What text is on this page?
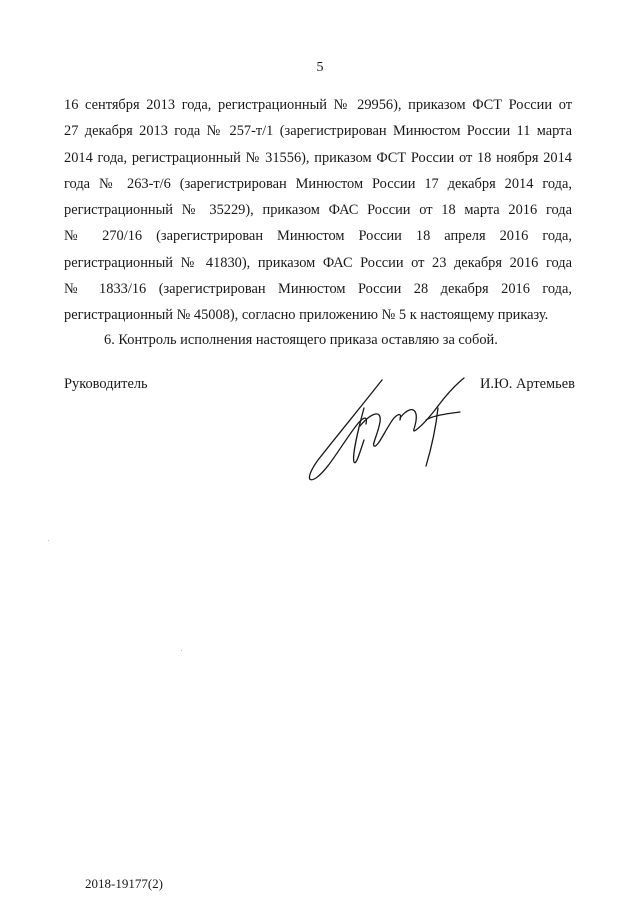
5
16 сентября 2013 года, регистрационный № 29956), приказом ФСТ России от
27 декабря 2013 года № 257-т/1 (зарегистрирован Минюстом России 11 марта
2014 года, регистрационный № 31556), приказом ФСТ России от 18 ноября 2014
года № 263-т/6 (зарегистрирован Минюстом России 17 декабря 2014 года,
регистрационный № 35229), приказом ФАС России от 18 марта 2016 года
№ 270/16 (зарегистрирован Минюстом России 18 апреля 2016 года,
регистрационный № 41830), приказом ФАС России от 23 декабря 2016 года
№ 1833/16 (зарегистрирован Минюстом России 28 декабря 2016 года,
регистрационный № 45008), согласно приложению № 5 к настоящему приказу.
6. Контроль исполнения настоящего приказа оставляю за собой.
Руководитель	И.Ю. Артемьев
2018-19177(2)
